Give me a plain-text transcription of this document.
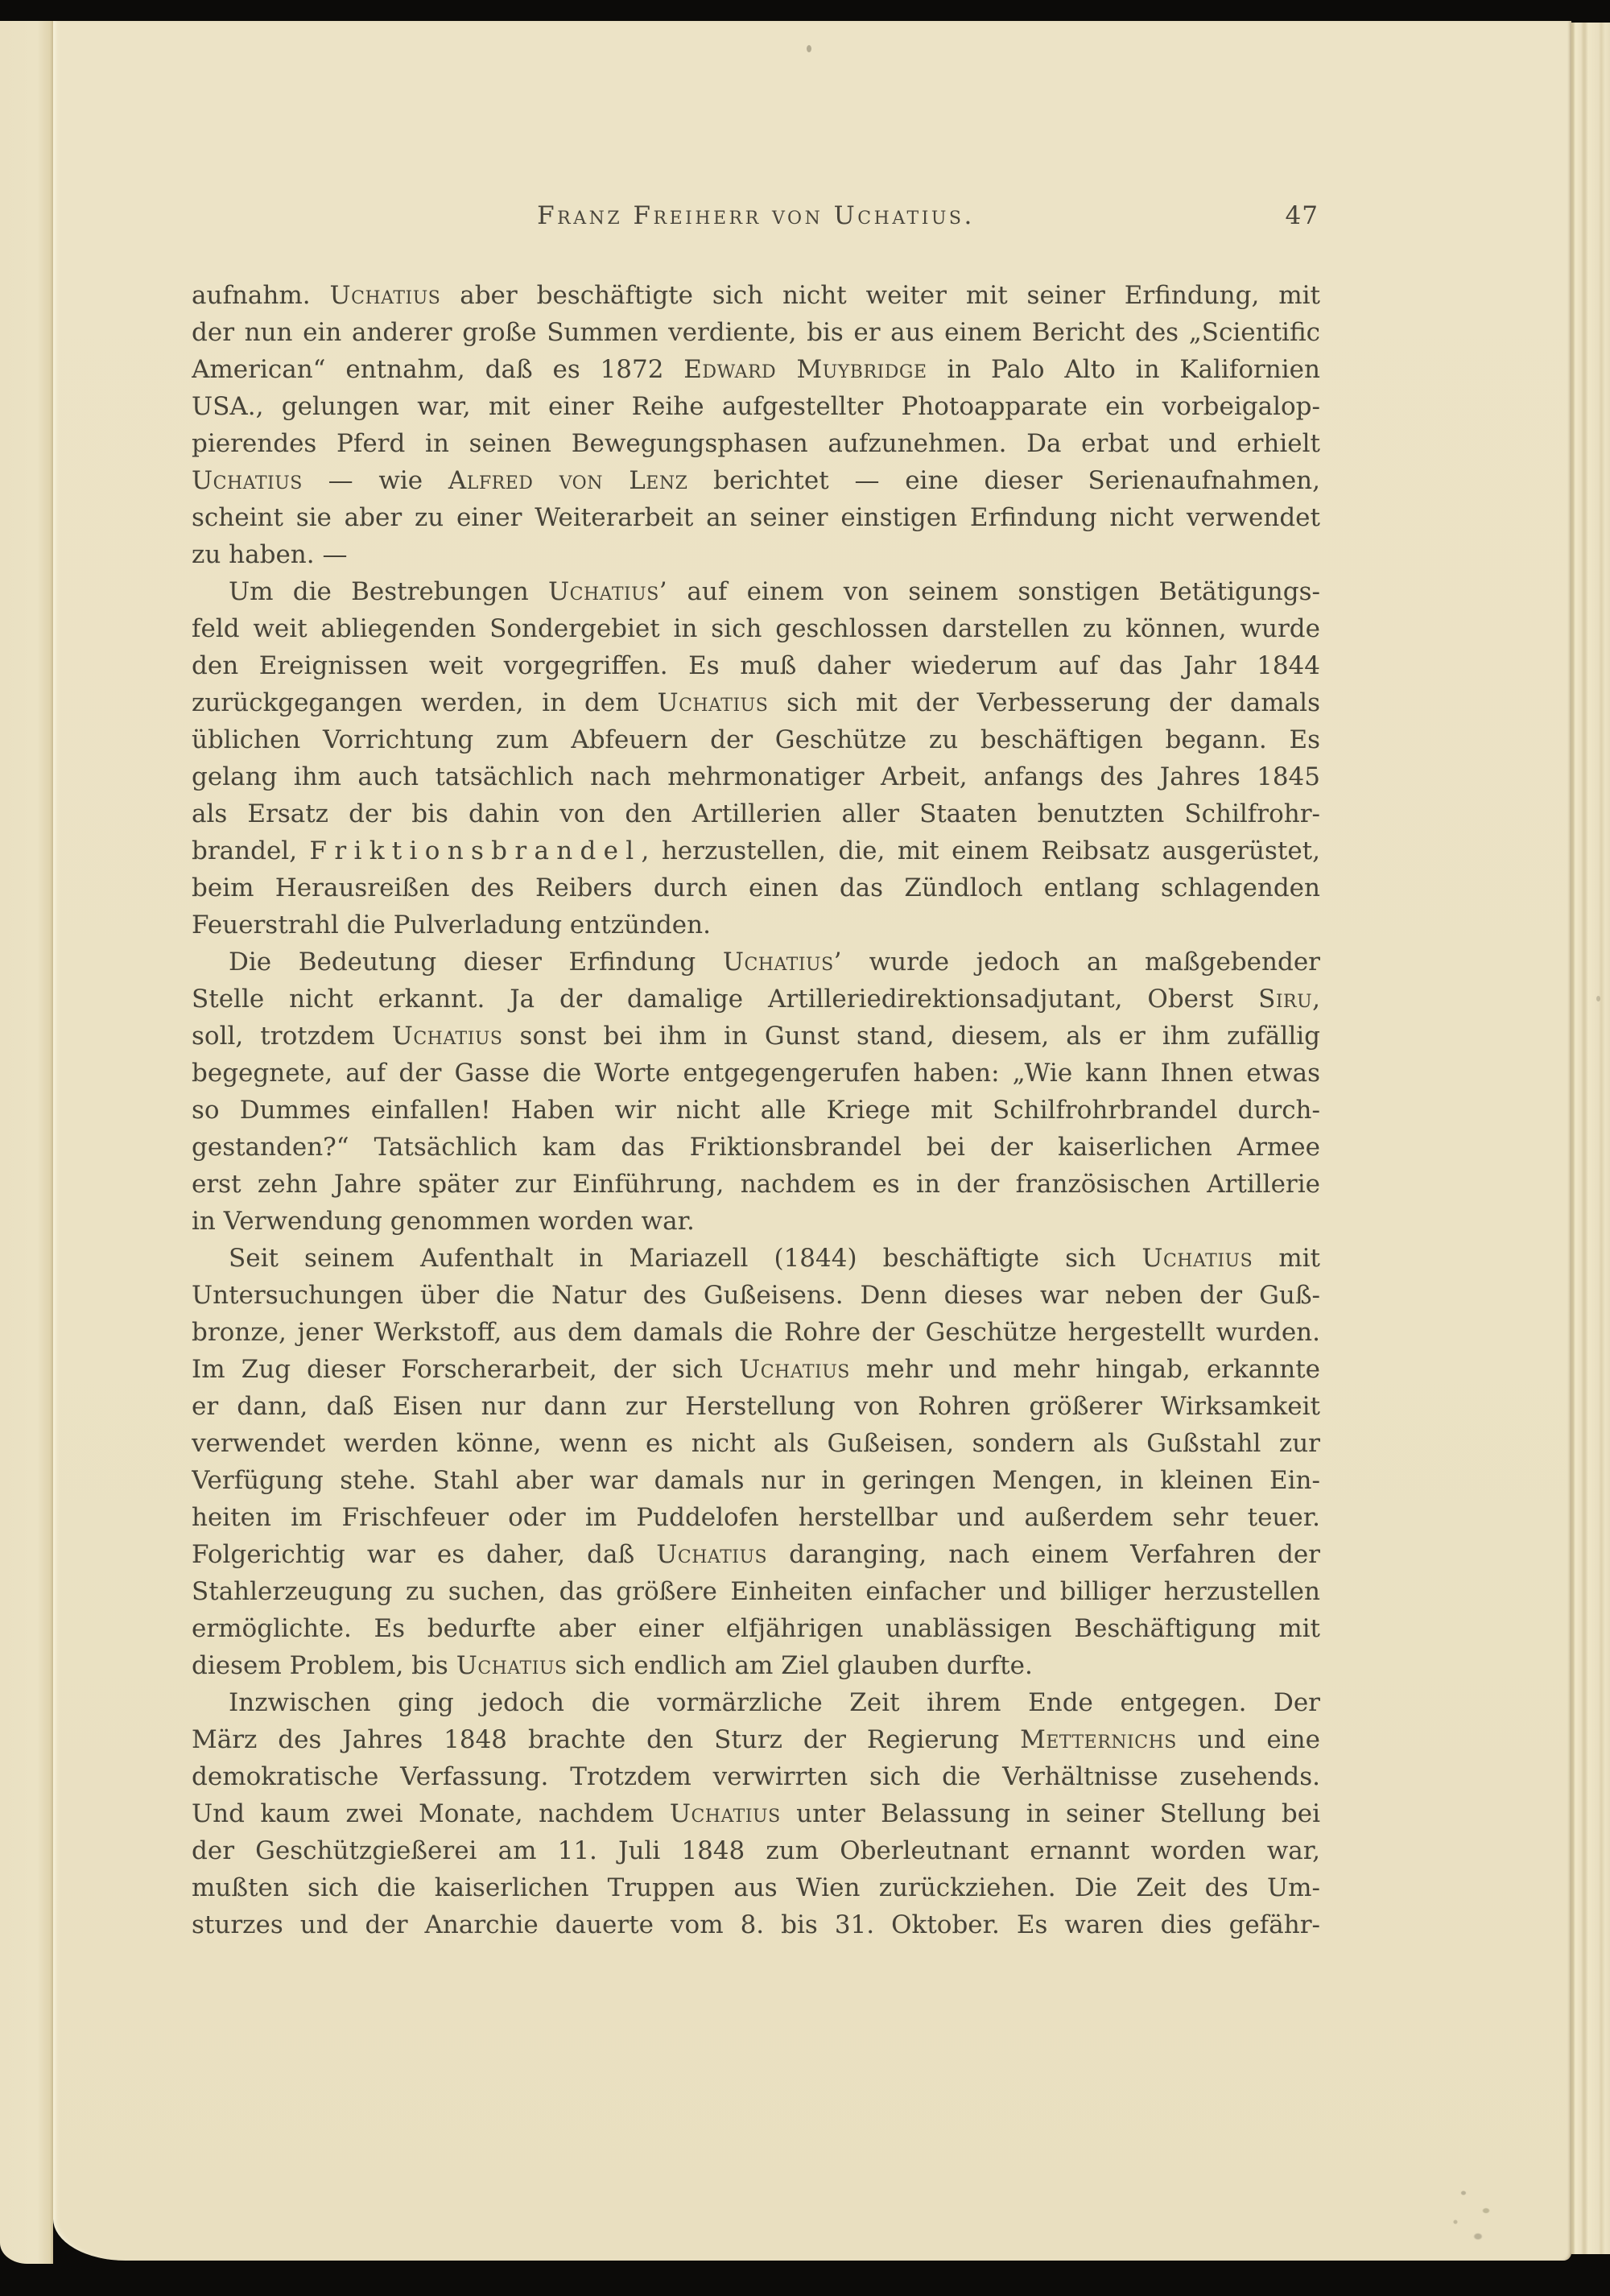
Franz Freiherr von Uchatius.	47
aufnahm. Uchatius aber beschäftigte sich nicht weiter mit seiner Erfindung, mit
der nun ein anderer große Summen verdiente, bis er aus einem Bericht des „Scientific
American“ entnahm, daß es 1872 Edward Muybridge in Palo Alto in Kalifornien
USA., gelungen war, mit einer Reihe aufgestellter Photoapparate ein vorbeigalop-
pierendes Pferd in seinen Bewegungsphasen aufzunehmen. Da erbat und erhielt
Uchatius — wie Alfred von Lenz berichtet — eine dieser Serienaufnahmen,
scheint sie aber zu einer Weiterarbeit an seiner einstigen Erfindung nicht verwendet
zu haben. —
Um die Bestrebungen Uchatius’ auf einem von seinem sonstigen Betätigungs-
feld weit abliegenden Sondergebiet in sich geschlossen darstellen zu können, wurde
den Ereignissen weit vorgegriffen. Es muß daher wiederum auf das Jahr 1844
zurückgegangen werden, in dem Uchatius sich mit der Verbesserung der damals
üblichen Vorrichtung zum Abfeuern der Geschütze zu beschäftigen begann. Es
gelang ihm auch tatsächlich nach mehrmonatiger Arbeit, anfangs des Jahres 1845
als Ersatz der bis dahin von den Artillerien aller Staaten benutzten Schilfrohr-
brandel, Friktionsbrandel, herzustellen, die, mit einem Reibsatz ausgerüstet,
beim Herausreißen des Reibers durch einen das Zündloch entlang schlagenden
Feuerstrahl die Pulverladung entzünden.
Die Bedeutung dieser Erfindung Uchatius’ wurde jedoch an maßgebender
Stelle nicht erkannt. Ja der damalige Artilleriedirektionsadjutant, Oberst Siru,
soll, trotzdem Uchatius sonst bei ihm in Gunst stand, diesem, als er ihm zufällig
begegnete, auf der Gasse die Worte entgegengerufen haben: „Wie kann Ihnen etwas
so Dummes einfallen! Haben wir nicht alle Kriege mit Schilfrohrbrandel durch-
gestanden?“ Tatsächlich kam das Friktionsbrandel bei der kaiserlichen Armee
erst zehn Jahre später zur Einführung, nachdem es in der französischen Artillerie
in Verwendung genommen worden war.
Seit seinem Aufenthalt in Mariazell (1844) beschäftigte sich Uchatius mit
Untersuchungen über die Natur des Gußeisens. Denn dieses war neben der Guß-
bronze, jener Werkstoff, aus dem damals die Rohre der Geschütze hergestellt wurden.
Im Zug dieser Forscherarbeit, der sich Uchatius mehr und mehr hingab, erkannte
er dann, daß Eisen nur dann zur Herstellung von Rohren größerer Wirksamkeit
verwendet werden könne, wenn es nicht als Gußeisen, sondern als Gußstahl zur
Verfügung stehe. Stahl aber war damals nur in geringen Mengen, in kleinen Ein-
heiten im Frischfeuer oder im Puddelofen herstellbar und außerdem sehr teuer.
Folgerichtig war es daher, daß Uchatius daranging, nach einem Verfahren der
Stahlerzeugung zu suchen, das größere Einheiten einfacher und billiger herzustellen
ermöglichte. Es bedurfte aber einer elfjährigen unablässigen Beschäftigung mit
diesem Problem, bis Uchatius sich endlich am Ziel glauben durfte.
Inzwischen ging jedoch die vormärzliche Zeit ihrem Ende entgegen. Der
März des Jahres 1848 brachte den Sturz der Regierung Metternichs und eine
demokratische Verfassung. Trotzdem verwirrten sich die Verhältnisse zusehends.
Und kaum zwei Monate, nachdem Uchatius unter Belassung in seiner Stellung bei
der Geschützgießerei am 11. Juli 1848 zum Oberleutnant ernannt worden war,
mußten sich die kaiserlichen Truppen aus Wien zurückziehen. Die Zeit des Um-
sturzes und der Anarchie dauerte vom 8. bis 31. Oktober. Es waren dies gefähr-
